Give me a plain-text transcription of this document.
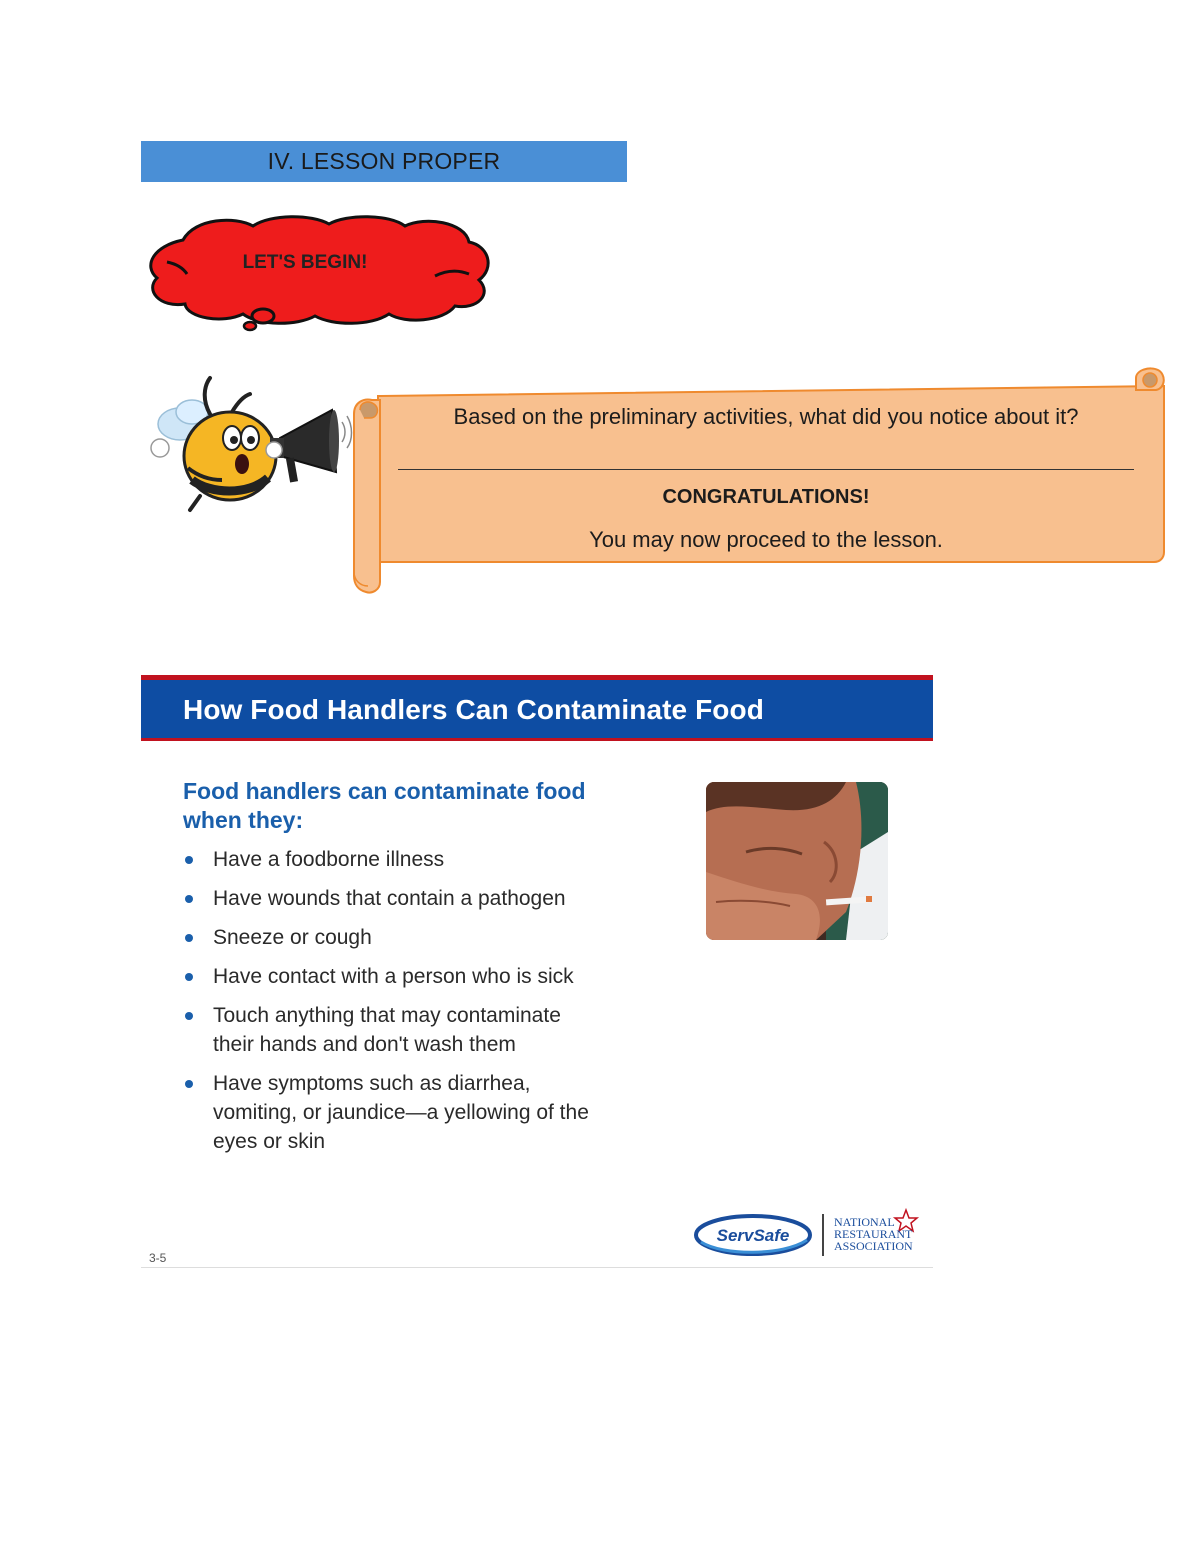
IV. LESSON PROPER
LET'S BEGIN!
Based on the preliminary activities, what did you notice about it?
CONGRATULATIONS!
You may now proceed to the lesson.
How Food Handlers Can Contaminate Food
Food handlers can contaminate food when they:
Have a foodborne illness
Have wounds that contain a pathogen
Sneeze or cough
Have contact with a person who is sick
Touch anything that may contaminate their hands and don't wash them
Have symptoms such as diarrhea, vomiting, or jaundice—a yellowing of the eyes or skin
3-5
ServSafe
NATIONAL
RESTAURANT
ASSOCIATION
